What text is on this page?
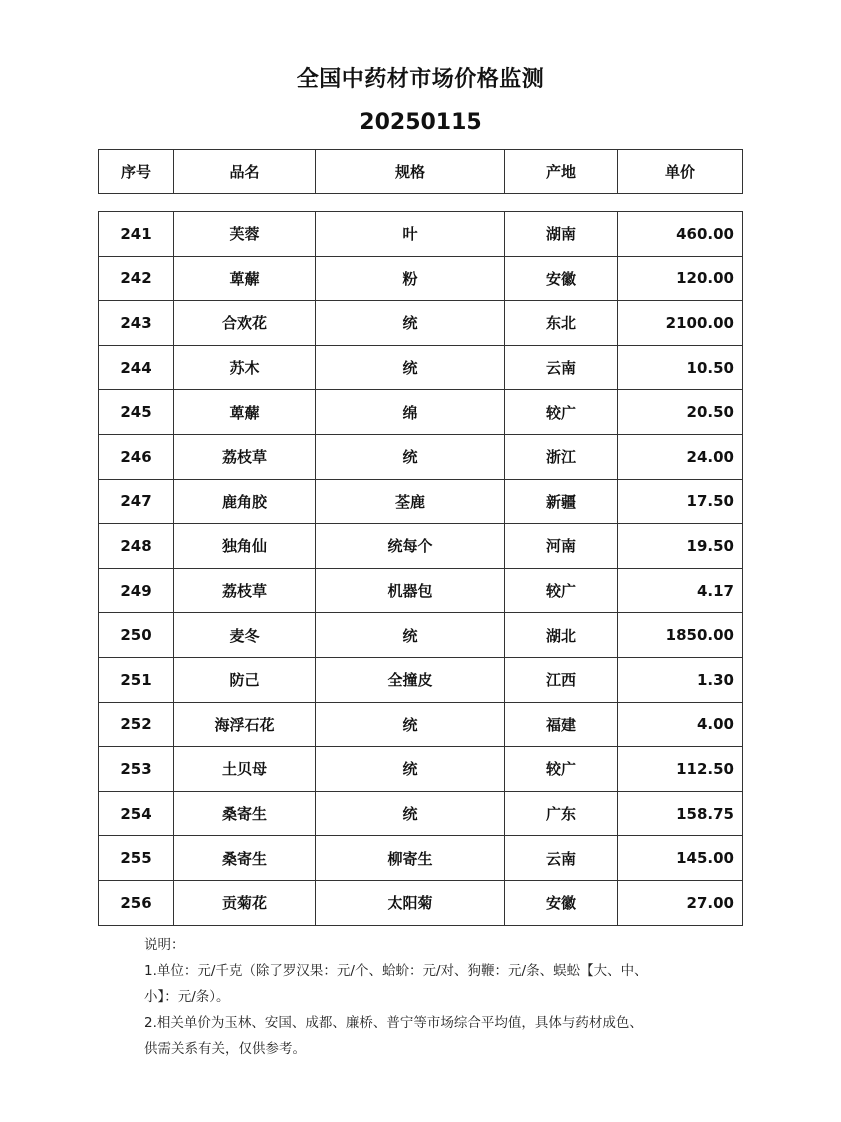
全国中药材市场价格监测
20250115
序号	品名	规格	产地	单价
241	芙蓉	叶	湖南	460.00
242	萆薢	粉	安徽	120.00
243	合欢花	统	东北	2100.00
244	苏木	统	云南	10.50
245	萆薢	绵	较广	20.50
246	荔枝草	统	浙江	24.00
247	鹿角胶	荃鹿	新疆	17.50
248	独角仙	统每个	河南	19.50
249	荔枝草	机器包	较广	4.17
250	麦冬	统	湖北	1850.00
251	防己	全撞皮	江西	1.30
252	海浮石花	统	福建	4.00
253	土贝母	统	较广	112.50
254	桑寄生	统	广东	158.75
255	桑寄生	柳寄生	云南	145.00
256	贡菊花	太阳菊	安徽	27.00
说明：
1.单位：元/千克（除了罗汉果：元/个、蛤蚧：元/对、狗鞭：元/条、蜈蚣【大、中、
小】：元/条）。
2.相关单价为玉林、安国、成都、廉桥、普宁等市场综合平均值，具体与药材成色、
供需关系有关，仅供参考。
